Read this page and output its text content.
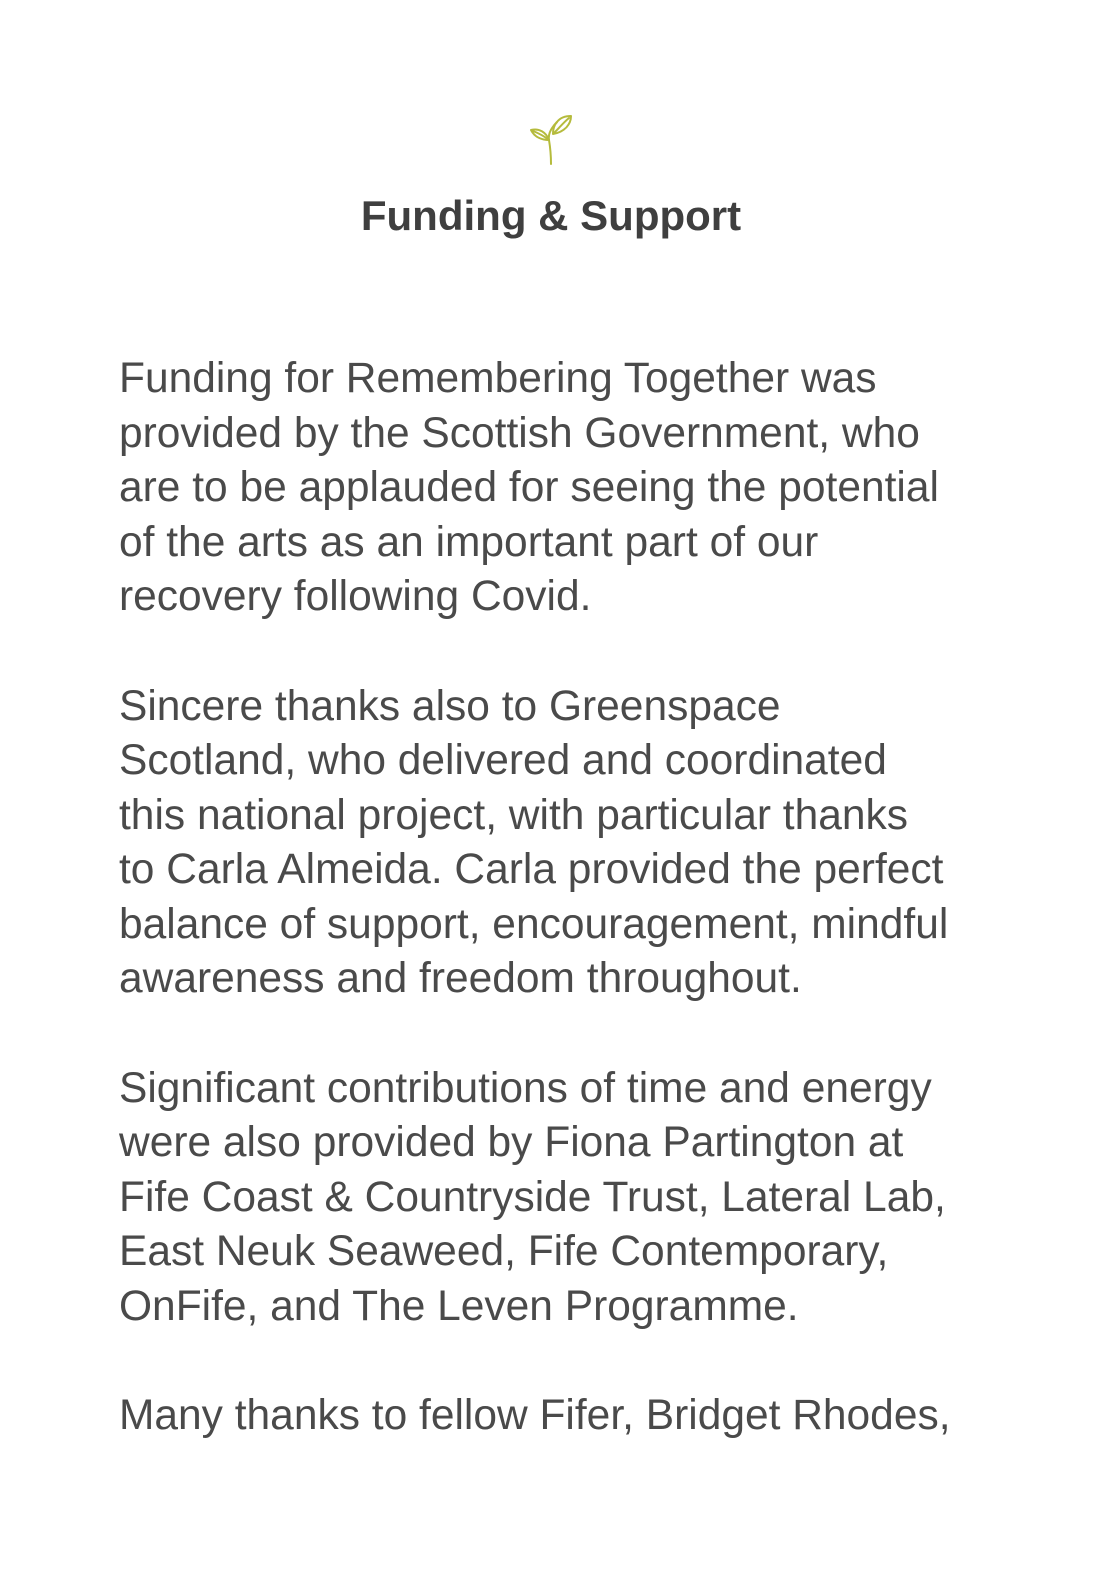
Funding & Support

Funding for Remembering Together was
provided by the Scottish Government, who
are to be applauded for seeing the potential
of the arts as an important part of our
recovery following Covid.

Sincere thanks also to Greenspace
Scotland, who delivered and coordinated
this national project, with particular thanks
to Carla Almeida. Carla provided the perfect
balance of support, encouragement, mindful
awareness and freedom throughout.

Significant contributions of time and energy
were also provided by Fiona Partington at
Fife Coast & Countryside Trust, Lateral Lab,
East Neuk Seaweed, Fife Contemporary,
OnFife, and The Leven Programme.

Many thanks to fellow Fifer, Bridget Rhodes,
